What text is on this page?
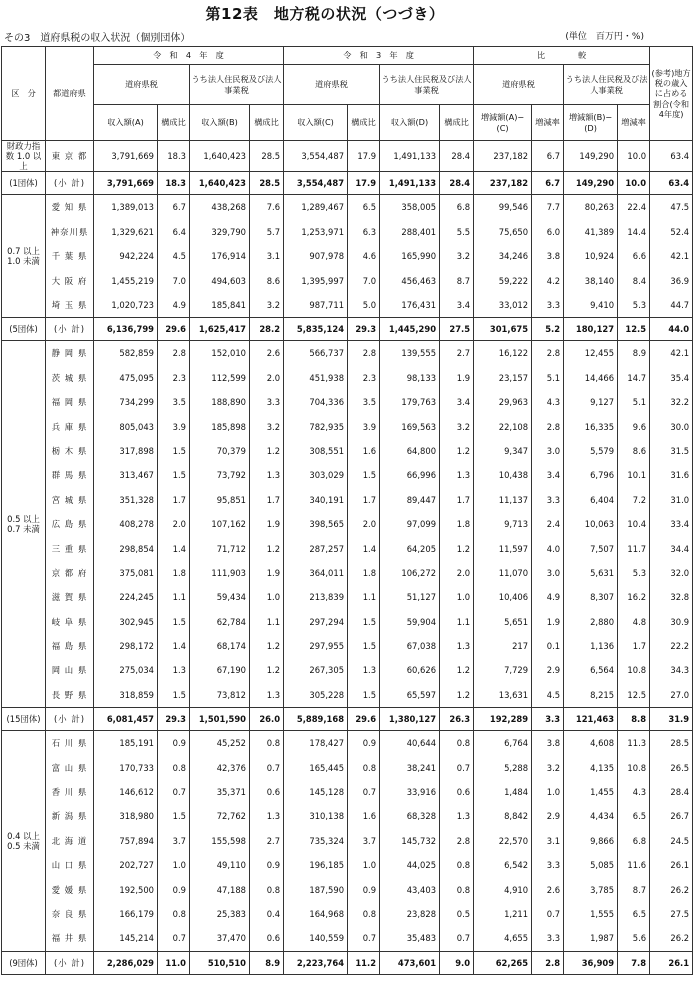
第12表　地方税の状況（つづき）
その3　道府県税の収入状況（個別団体）	(単位　百万円・%)
区　分	都道府県	令　和　4　年　度				令　和　3　年　度				比　　　　較				(参考)地方税の歳入に占める割合(令和4年度)
		道府県税		うち法人住民税及び法人事業税		道府県税		うち法人住民税及び法人事業税		道府県税		うち法人住民税及び法人事業税		
		収入額(A)	構成比	収入額(B)	構成比	収入額(C)	構成比	収入額(D)	構成比	増減額(A)−(C)	増減率	増減額(B)−(D)	増減率	
財政力指数 1.0 以上	東 京 都	3,791,669	18.3	1,640,423	28.5	3,554,487	17.9	1,491,133	28.4	237,182	6.7	149,290	10.0	63.4
(1団体)	(小 計)	3,791,669	18.3	1,640,423	28.5	3,554,487	17.9	1,491,133	28.4	237,182	6.7	149,290	10.0	63.4
0.7 以上 1.0 未満	愛 知 県	1,389,013	6.7	438,268	7.6	1,289,467	6.5	358,005	6.8	99,546	7.7	80,263	22.4	47.5
	神奈川県	1,329,621	6.4	329,790	5.7	1,253,971	6.3	288,401	5.5	75,650	6.0	41,389	14.4	52.4
	千 葉 県	942,224	4.5	176,914	3.1	907,978	4.6	165,990	3.2	34,246	3.8	10,924	6.6	42.1
	大 阪 府	1,455,219	7.0	494,603	8.6	1,395,997	7.0	456,463	8.7	59,222	4.2	38,140	8.4	36.9
	埼 玉 県	1,020,723	4.9	185,841	3.2	987,711	5.0	176,431	3.4	33,012	3.3	9,410	5.3	44.7
(5団体)	(小 計)	6,136,799	29.6	1,625,417	28.2	5,835,124	29.3	1,445,290	27.5	301,675	5.2	180,127	12.5	44.0
0.5 以上 0.7 未満	静 岡 県	582,859	2.8	152,010	2.6	566,737	2.8	139,555	2.7	16,122	2.8	12,455	8.9	42.1
	茨 城 県	475,095	2.3	112,599	2.0	451,938	2.3	98,133	1.9	23,157	5.1	14,466	14.7	35.4
	福 岡 県	734,299	3.5	188,890	3.3	704,336	3.5	179,763	3.4	29,963	4.3	9,127	5.1	32.2
	兵 庫 県	805,043	3.9	185,898	3.2	782,935	3.9	169,563	3.2	22,108	2.8	16,335	9.6	30.0
	栃 木 県	317,898	1.5	70,379	1.2	308,551	1.6	64,800	1.2	9,347	3.0	5,579	8.6	31.5
	群 馬 県	313,467	1.5	73,792	1.3	303,029	1.5	66,996	1.3	10,438	3.4	6,796	10.1	31.6
	宮 城 県	351,328	1.7	95,851	1.7	340,191	1.7	89,447	1.7	11,137	3.3	6,404	7.2	31.0
	広 島 県	408,278	2.0	107,162	1.9	398,565	2.0	97,099	1.8	9,713	2.4	10,063	10.4	33.4
	三 重 県	298,854	1.4	71,712	1.2	287,257	1.4	64,205	1.2	11,597	4.0	7,507	11.7	34.4
	京 都 府	375,081	1.8	111,903	1.9	364,011	1.8	106,272	2.0	11,070	3.0	5,631	5.3	32.0
	滋 賀 県	224,245	1.1	59,434	1.0	213,839	1.1	51,127	1.0	10,406	4.9	8,307	16.2	32.8
	岐 阜 県	302,945	1.5	62,784	1.1	297,294	1.5	59,904	1.1	5,651	1.9	2,880	4.8	30.9
	福 島 県	298,172	1.4	68,174	1.2	297,955	1.5	67,038	1.3	217	0.1	1,136	1.7	22.2
	岡 山 県	275,034	1.3	67,190	1.2	267,305	1.3	60,626	1.2	7,729	2.9	6,564	10.8	34.3
	長 野 県	318,859	1.5	73,812	1.3	305,228	1.5	65,597	1.2	13,631	4.5	8,215	12.5	27.0
(15団体)	(小 計)	6,081,457	29.3	1,501,590	26.0	5,889,168	29.6	1,380,127	26.3	192,289	3.3	121,463	8.8	31.9
0.4 以上 0.5 未満	石 川 県	185,191	0.9	45,252	0.8	178,427	0.9	40,644	0.8	6,764	3.8	4,608	11.3	28.5
	富 山 県	170,733	0.8	42,376	0.7	165,445	0.8	38,241	0.7	5,288	3.2	4,135	10.8	26.5
	香 川 県	146,612	0.7	35,371	0.6	145,128	0.7	33,916	0.6	1,484	1.0	1,455	4.3	28.4
	新 潟 県	318,980	1.5	72,762	1.3	310,138	1.6	68,328	1.3	8,842	2.9	4,434	6.5	26.7
	北 海 道	757,894	3.7	155,598	2.7	735,324	3.7	145,732	2.8	22,570	3.1	9,866	6.8	24.5
	山 口 県	202,727	1.0	49,110	0.9	196,185	1.0	44,025	0.8	6,542	3.3	5,085	11.6	26.1
	愛 媛 県	192,500	0.9	47,188	0.8	187,590	0.9	43,403	0.8	4,910	2.6	3,785	8.7	26.2
	奈 良 県	166,179	0.8	25,383	0.4	164,968	0.8	23,828	0.5	1,211	0.7	1,555	6.5	27.5
	福 井 県	145,214	0.7	37,470	0.6	140,559	0.7	35,483	0.7	4,655	3.3	1,987	5.6	26.2
(9団体)	(小 計)	2,286,029	11.0	510,510	8.9	2,223,764	11.2	473,601	9.0	62,265	2.8	36,909	7.8	26.1
